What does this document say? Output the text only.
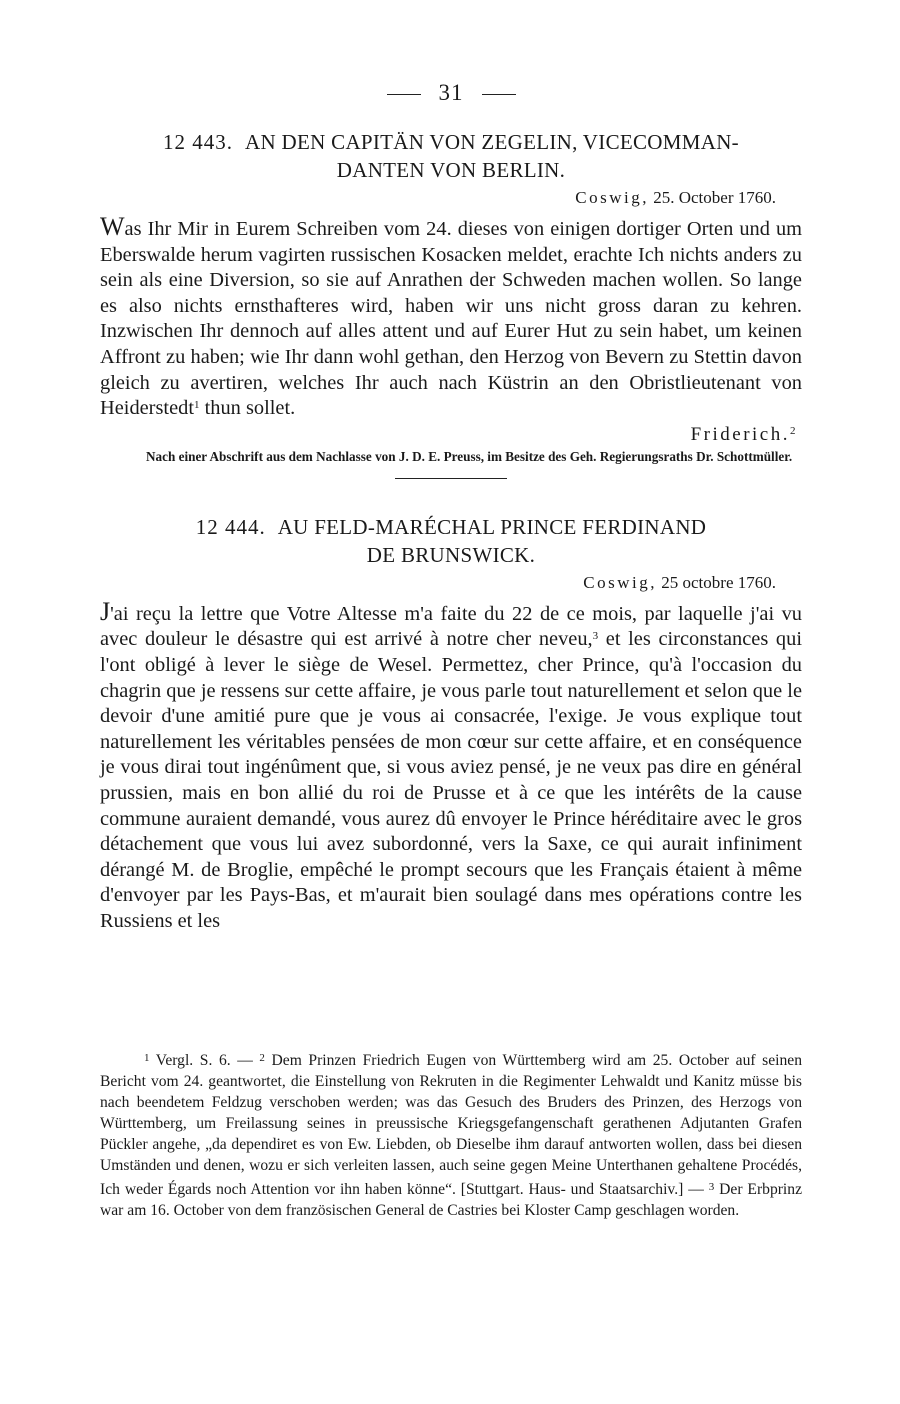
31
12 443. AN DEN CAPITÄN VON ZEGELIN, VICECOMMAN-
DANTEN VON BERLIN.
Coswig, 25. October 1760.

Was Ihr Mir in Eurem Schreiben vom 24. dieses von einigen dortiger Orten und um Eberswalde herum vagirten russischen Kosacken meldet, erachte Ich nichts anders zu sein als eine Diversion, so sie auf Anrathen der Schweden machen wollen. So lange es also nichts ernsthafteres wird, haben wir uns nicht gross daran zu kehren. Inzwischen Ihr dennoch auf alles attent und auf Eurer Hut zu sein habet, um keinen Affront zu haben; wie Ihr dann wohl gethan, den Herzog von Bevern zu Stettin davon gleich zu avertiren, welches Ihr auch nach Küstrin an den Obristlieutenant von Heiderstedt$^1$ thun sollet.

Friderich.$^2$
Nach einer Abschrift aus dem Nachlasse von J. D. E. Preuss, im Besitze des Geh. Regierungsraths Dr. Schottmüller.
12 444. AU FELD-MARÉCHAL PRINCE FERDINAND
DE BRUNSWICK.
Coswig, 25 octobre 1760.

J'ai reçu la lettre que Votre Altesse m'a faite du 22 de ce mois, par laquelle j'ai vu avec douleur le désastre qui est arrivé à notre cher neveu,$^3$ et les circonstances qui l'ont obligé à lever le siège de Wesel. Permettez, cher Prince, qu'à l'occasion du chagrin que je ressens sur cette affaire, je vous parle tout naturellement et selon que le devoir d'une amitié pure que je vous ai consacrée, l'exige. Je vous explique tout naturellement les véritables pensées de mon cœur sur cette affaire, et en conséquence je vous dirai tout ingénûment que, si vous aviez pensé, je ne veux pas dire en général prussien, mais en bon allié du roi de Prusse et à ce que les intérêts de la cause commune auraient demandé, vous aurez dû envoyer le Prince héréditaire avec le gros détachement que vous lui avez subordonné, vers la Saxe, ce qui aurait infiniment dérangé M. de Broglie, empêché le prompt secours que les Français étaient à même d'envoyer par les Pays-Bas, et m'aurait bien soulagé dans mes opérations contre les Russiens et les

$^1$ Vergl. S. 6. — $^2$ Dem Prinzen Friedrich Eugen von Württemberg wird am 25. October auf seinen Bericht vom 24. geantwortet, die Einstellung von Rekruten in die Regimenter Lehwaldt und Kanitz müsse bis nach beendetem Feldzug verschoben werden; was das Gesuch des Bruders des Prinzen, des Herzogs von Württemberg, um Freilassung seines in preussische Kriegsgefangenschaft gerathenen Adjutanten Grafen Pückler angehe, „da dependiret es von Ew. Liebden, ob Dieselbe ihm darauf antworten wollen, dass bei diesen Umständen und denen, wozu er sich verleiten lassen, auch seine gegen Meine Unterthanen gehaltene Procédés, Ich weder Égards noch Attention vor ihn haben könne“. [Stuttgart. Haus- und Staatsarchiv.] — $^3$ Der Erbprinz war am 16. October von dem französischen General de Castries bei Kloster Camp geschlagen worden.
